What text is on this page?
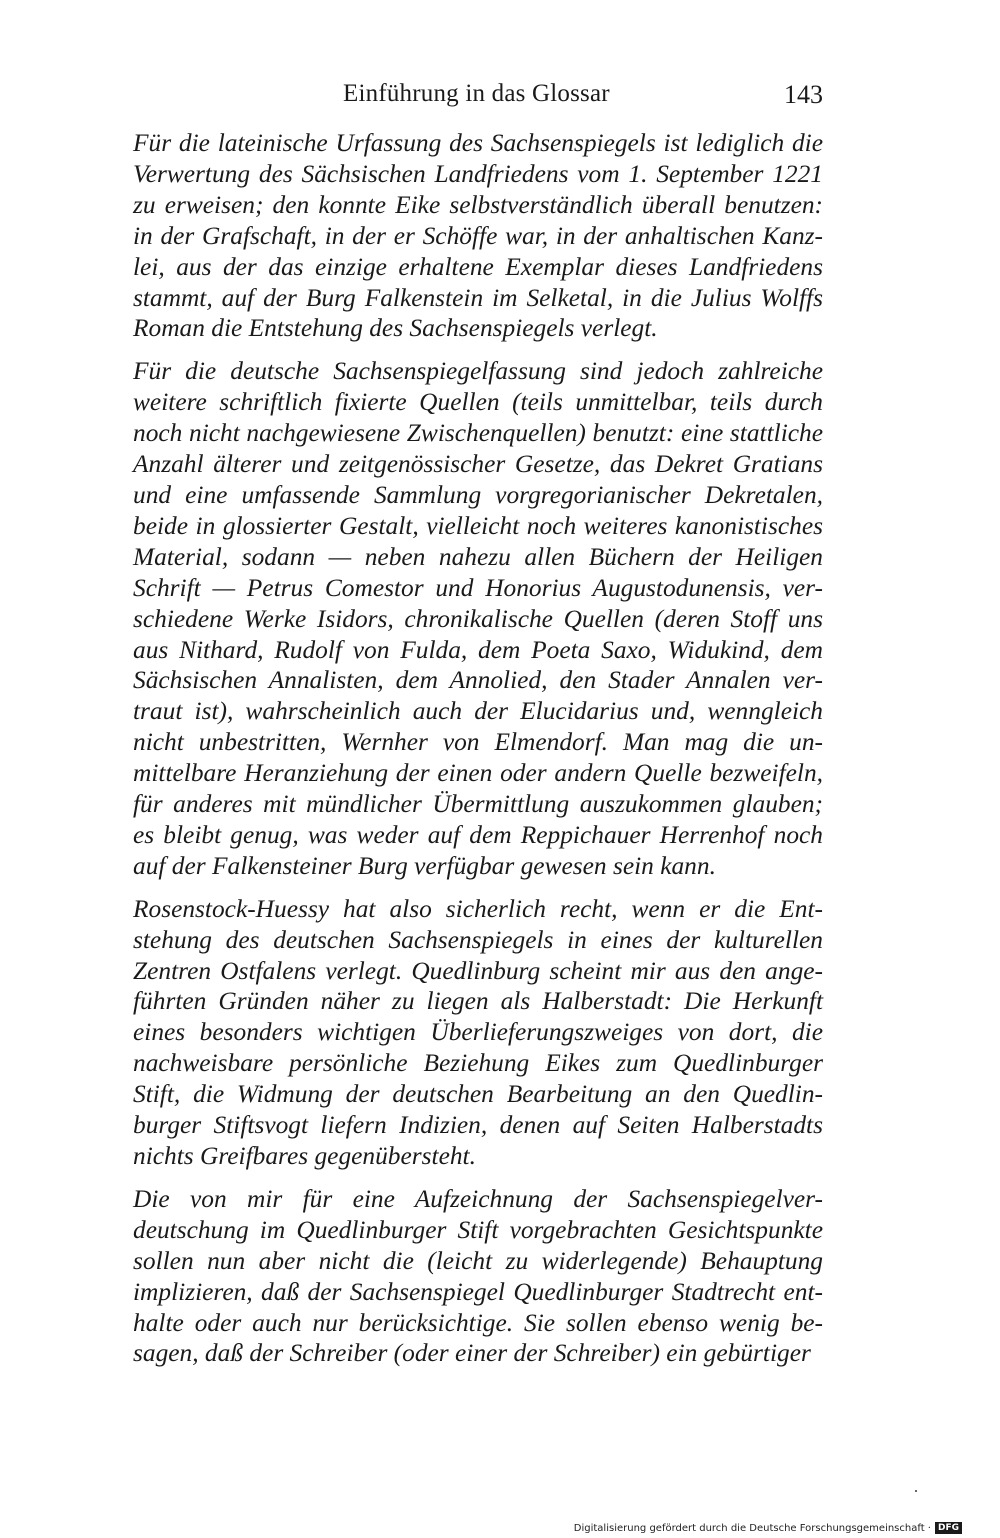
Einführung in das Glossar	143
Für die lateinische Urfassung des Sachsenspiegels ist lediglich die
Verwertung des Sächsischen Landfriedens vom 1. September 1221
zu erweisen; den konnte Eike selbstverständlich überall benutzen:
in der Grafschaft, in der er Schöffe war, in der anhaltischen Kanz-
lei, aus der das einzige erhaltene Exemplar dieses Landfriedens
stammt, auf der Burg Falkenstein im Selketal, in die Julius Wolffs
Roman die Entstehung des Sachsenspiegels verlegt.
Für die deutsche Sachsenspiegelfassung sind jedoch zahlreiche
weitere schriftlich fixierte Quellen (teils unmittelbar, teils durch
noch nicht nachgewiesene Zwischenquellen) benutzt: eine stattliche
Anzahl älterer und zeitgenössischer Gesetze, das Dekret Gratians
und eine umfassende Sammlung vorgregorianischer Dekretalen,
beide in glossierter Gestalt, vielleicht noch weiteres kanonistisches
Material, sodann — neben nahezu allen Büchern der Heiligen
Schrift — Petrus Comestor und Honorius Augustodunensis, ver-
schiedene Werke Isidors, chronikalische Quellen (deren Stoff uns
aus Nithard, Rudolf von Fulda, dem Poeta Saxo, Widukind, dem
Sächsischen Annalisten, dem Annolied, den Stader Annalen ver-
traut ist), wahrscheinlich auch der Elucidarius und, wenngleich
nicht unbestritten, Wernher von Elmendorf. Man mag die un-
mittelbare Heranziehung der einen oder andern Quelle bezweifeln,
für anderes mit mündlicher Übermittlung auszukommen glauben;
es bleibt genug, was weder auf dem Reppichauer Herrenhof noch
auf der Falkensteiner Burg verfügbar gewesen sein kann.
Rosenstock-Huessy hat also sicherlich recht, wenn er die Ent-
stehung des deutschen Sachsenspiegels in eines der kulturellen
Zentren Ostfalens verlegt. Quedlinburg scheint mir aus den ange-
führten Gründen näher zu liegen als Halberstadt: Die Herkunft
eines besonders wichtigen Überlieferungszweiges von dort, die
nachweisbare persönliche Beziehung Eikes zum Quedlinburger
Stift, die Widmung der deutschen Bearbeitung an den Quedlin-
burger Stiftsvogt liefern Indizien, denen auf Seiten Halberstadts
nichts Greifbares gegenübersteht.
Die von mir für eine Aufzeichnung der Sachsenspiegelver-
deutschung im Quedlinburger Stift vorgebrachten Gesichtspunkte
sollen nun aber nicht die (leicht zu widerlegende) Behauptung
implizieren, daß der Sachsenspiegel Quedlinburger Stadtrecht ent-
halte oder auch nur berücksichtige. Sie sollen ebenso wenig be-
sagen, daß der Schreiber (oder einer der Schreiber) ein gebürtiger
Digitalisierung gefördert durch die Deutsche Forschungsgemeinschaft · DFG
